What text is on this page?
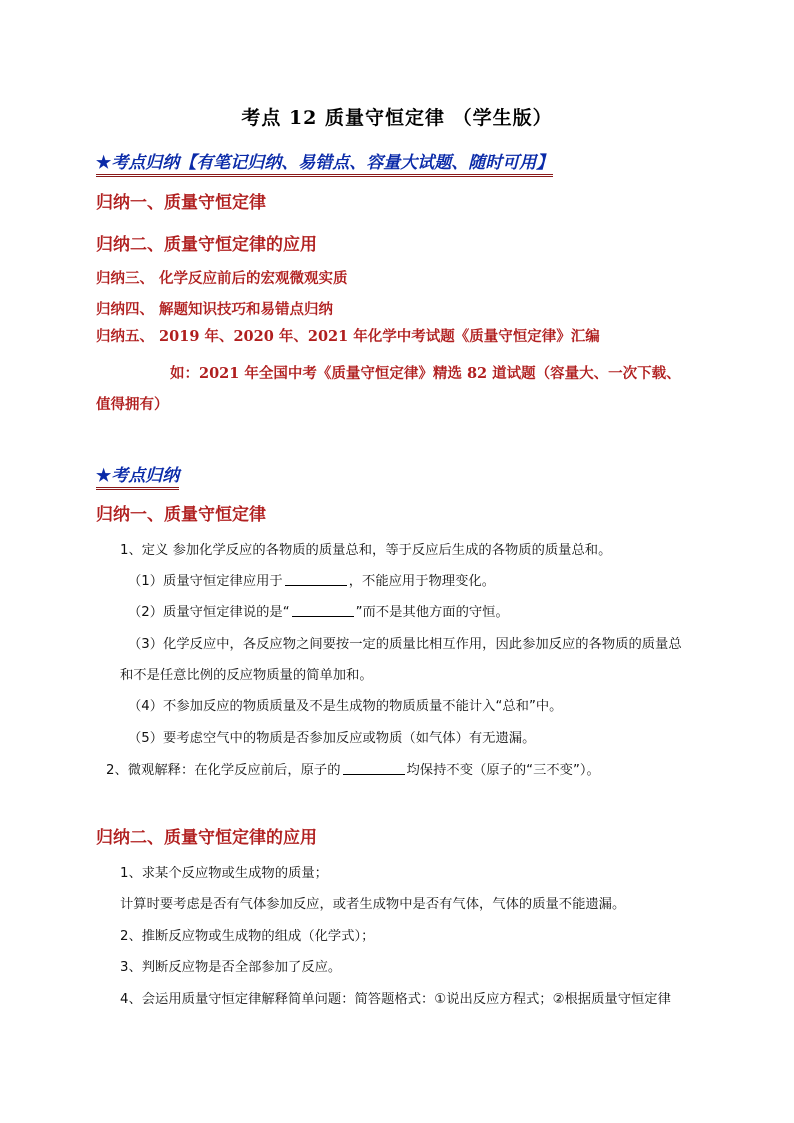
考点 12 质量守恒定律 （学生版）
★考点归纳【有笔记归纳、易错点、容量大试题、随时可用】
归纳一、质量守恒定律
归纳二、质量守恒定律的应用
归纳三、 化学反应前后的宏观微观实质
归纳四、 解题知识技巧和易错点归纳
归纳五、 2019 年、2020 年、2021 年化学中考试题《质量守恒定律》汇编
如：2021 年全国中考《质量守恒定律》精选 82 道试题（容量大、一次下载、
值得拥有）
★考点归纳
归纳一、质量守恒定律
1、定义 参加化学反应的各物质的质量总和，等于反应后生成的各物质的质量总和。
（1）质量守恒定律应用于	，不能应用于物理变化。
（2）质量守恒定律说的是“	”而不是其他方面的守恒。
（3）化学反应中，各反应物之间要按一定的质量比相互作用，因此参加反应的各物质的质量总
和不是任意比例的反应物质量的简单加和。
（4）不参加反应的物质质量及不是生成物的物质质量不能计入“总和”中。
（5）要考虑空气中的物质是否参加反应或物质（如气体）有无遗漏。
2、微观解释：在化学反应前后，原子的	均保持不变（原子的“三不变”）。
归纳二、质量守恒定律的应用
1、求某个反应物或生成物的质量；
计算时要考虑是否有气体参加反应，或者生成物中是否有气体，气体的质量不能遗漏。
2、推断反应物或生成物的组成（化学式）；
3、判断反应物是否全部参加了反应。
4、会运用质量守恒定律解释简单问题：简答题格式：①说出反应方程式；②根据质量守恒定律
